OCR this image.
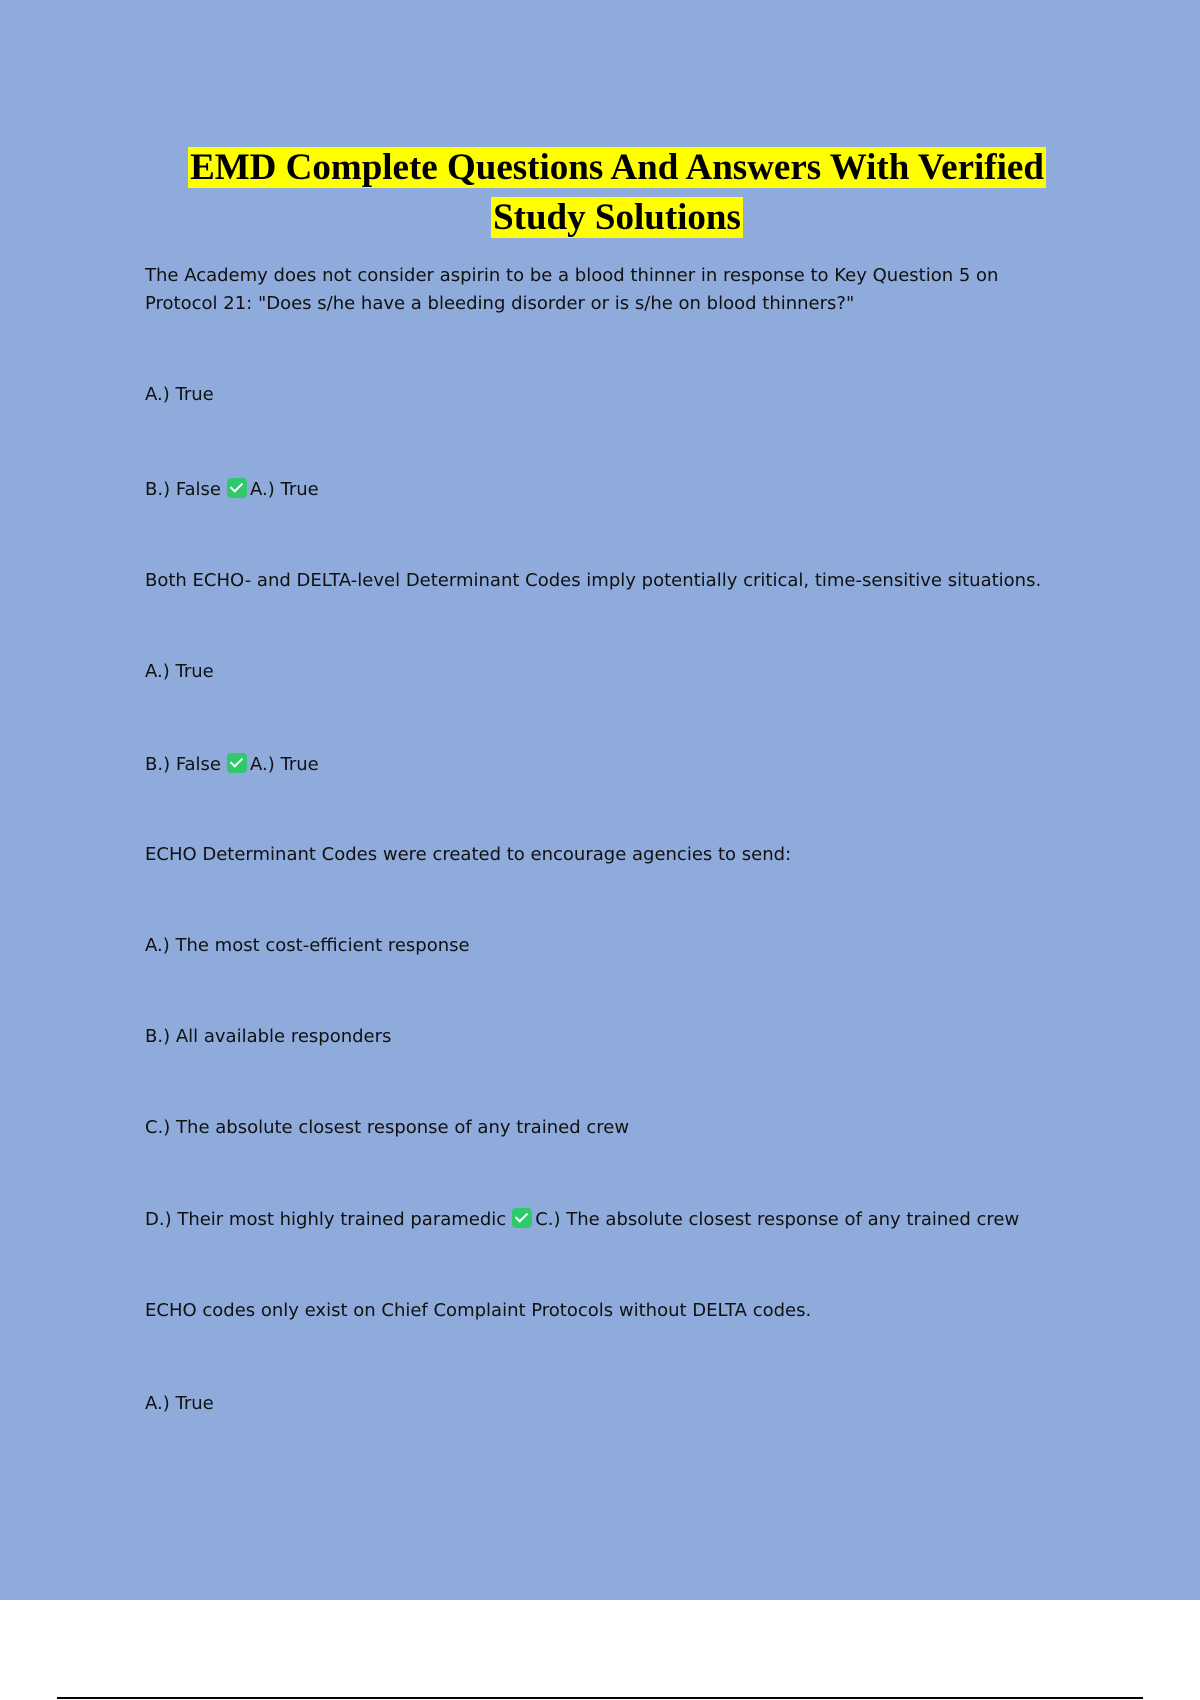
EMD Complete Questions And Answers With Verified
Study Solutions

The Academy does not consider aspirin to be a blood thinner in response to Key Question 5 on Protocol 21: "Does s/he have a bleeding disorder or is s/he on blood thinners?"

A.) True

B.) False A.) True

Both ECHO- and DELTA-level Determinant Codes imply potentially critical, time-sensitive situations.

A.) True

B.) False A.) True

ECHO Determinant Codes were created to encourage agencies to send:

A.) The most cost-efficient response

B.) All available responders

C.) The absolute closest response of any trained crew

D.) Their most highly trained paramedic C.) The absolute closest response of any trained crew

ECHO codes only exist on Chief Complaint Protocols without DELTA codes.

A.) True
